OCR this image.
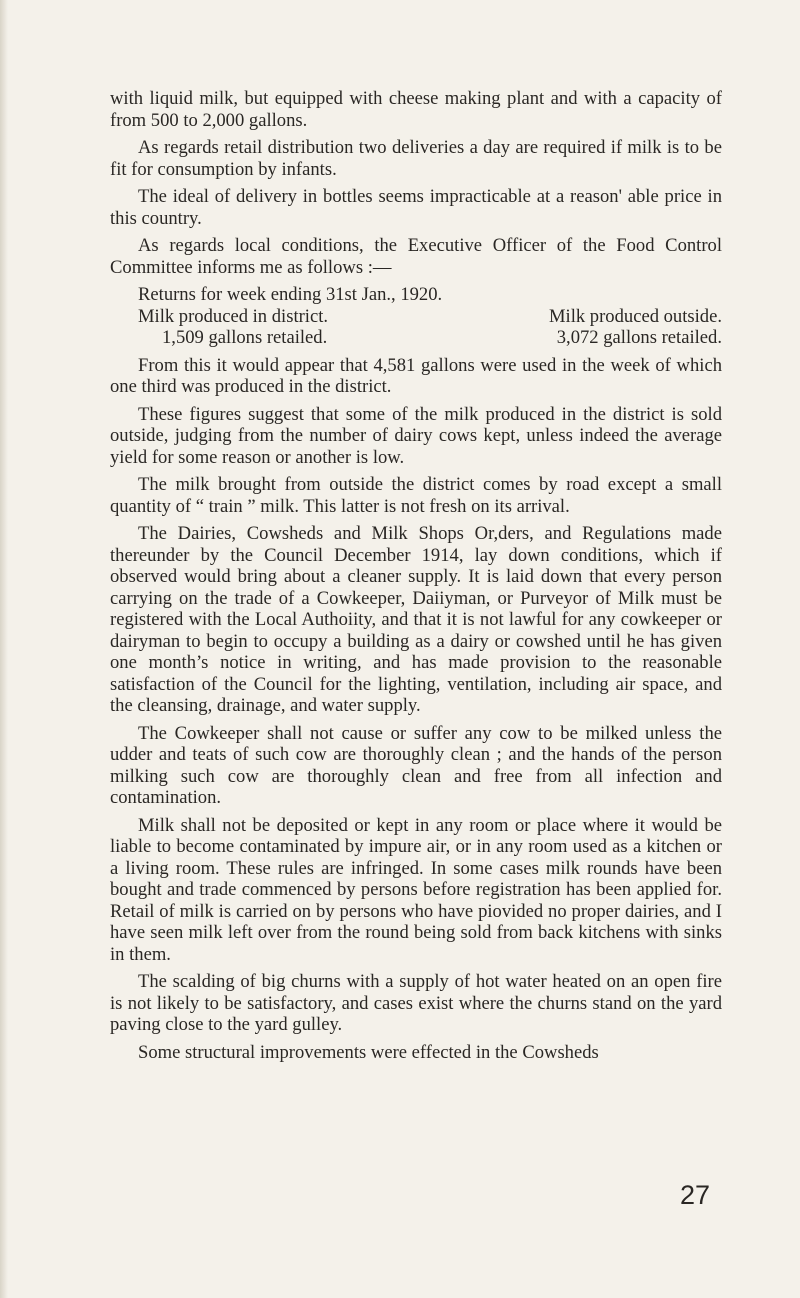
with liquid milk, but equipped with cheese making plant and with a capacity of from 500 to 2,000 gallons.

As regards retail distribution two deliveries a day are required if milk is to be fit for consumption by infants.

The ideal of delivery in bottles seems impracticable at a reason' able price in this country.

As regards local conditions, the Executive Officer of the Food Control Committee informs me as follows :—

Returns for week ending 31st Jan., 1920.

Milk produced in district.	Milk produced outside.
1,509 gallons retailed.	3,072 gallons retailed.

From this it would appear that 4,581 gallons were used in the week of which one third was produced in the district.

These figures suggest that some of the milk produced in the district is sold outside, judging from the number of dairy cows kept, unless indeed the average yield for some reason or another is low.

The milk brought from outside the district comes by road except a small quantity of “ train ” milk. This latter is not fresh on its arrival.

The Dairies, Cowsheds and Milk Shops Or,ders, and Regulations made thereunder by the Council December 1914, lay down conditions, which if observed would bring about a cleaner supply. It is laid down that every person carrying on the trade of a Cowkeeper, Daiiyman, or Purveyor of Milk must be registered with the Local Authoiity, and that it is not lawful for any cowkeeper or dairyman to begin to occupy a building as a dairy or cowshed until he has given one month’s notice in writing, and has made provision to the reasonable satisfaction of the Council for the lighting, ventilation, including air space, and the cleansing, drainage, and water supply.

The Cowkeeper shall not cause or suffer any cow to be milked unless the udder and teats of such cow are thoroughly clean ; and the hands of the person milking such cow are thoroughly clean and free from all infection and contamination.

Milk shall not be deposited or kept in any room or place where it would be liable to become contaminated by impure air, or in any room used as a kitchen or a living room. These rules are infringed. In some cases milk rounds have been bought and trade commenced by persons before registration has been applied for. Retail of milk is carried on by persons who have piovided no proper dairies, and I have seen milk left over from the round being sold from back kitchens with sinks in them.

The scalding of big churns with a supply of hot water heated on an open fire is not likely to be satisfactory, and cases exist where the churns stand on the yard paving close to the yard gulley.

Some structural improvements were effected in the Cowsheds

27
